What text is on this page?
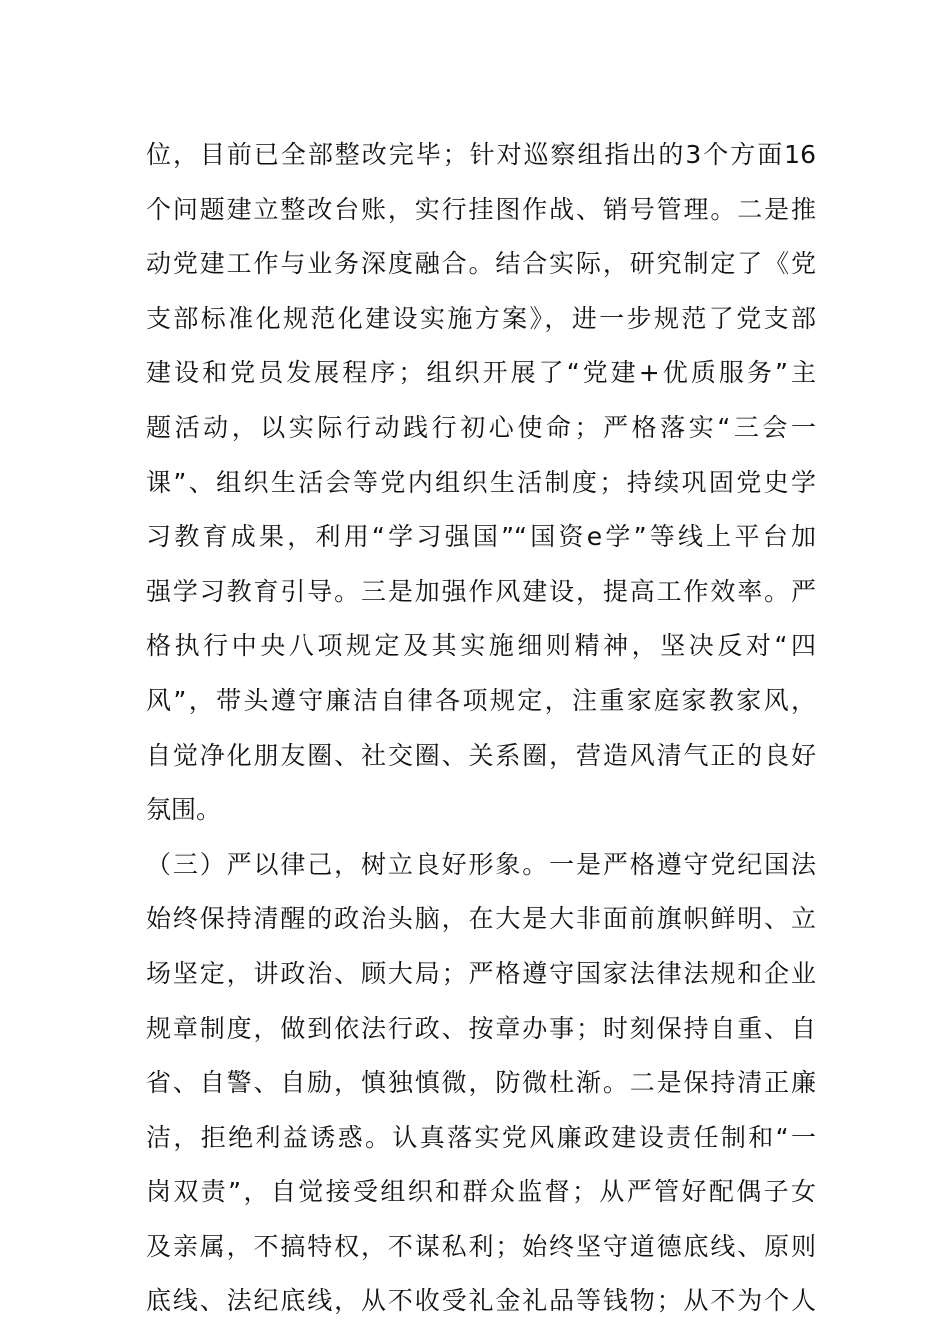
位，目前已全部整改完毕；针对巡察组指出的3个方面16
个问题建立整改台账，实行挂图作战、销号管理。二是推
动党建工作与业务深度融合。结合实际，研究制定了《党
支部标准化规范化建设实施方案》，进一步规范了党支部
建设和党员发展程序；组织开展了“党建+优质服务”主
题活动，以实际行动践行初心使命；严格落实“三会一
课”、组织生活会等党内组织生活制度；持续巩固党史学
习教育成果，利用“学习强国”“国资e学”等线上平台加
强学习教育引导。三是加强作风建设，提高工作效率。严
格执行中央八项规定及其实施细则精神，坚决反对“四
风”，带头遵守廉洁自律各项规定，注重家庭家教家风，
自觉净化朋友圈、社交圈、关系圈，营造风清气正的良好
氛围。
（三）严以律己，树立良好形象。一是严格遵守党纪国法
始终保持清醒的政治头脑，在大是大非面前旗帜鲜明、立
场坚定，讲政治、顾大局；严格遵守国家法律法规和企业
规章制度，做到依法行政、按章办事；时刻保持自重、自
省、自警、自励，慎独慎微，防微杜渐。二是保持清正廉
洁，拒绝利益诱惑。认真落实党风廉政建设责任制和“一
岗双责”，自觉接受组织和群众监督；从严管好配偶子女
及亲属，不搞特权，不谋私利；始终坚守道德底线、原则
底线、法纪底线，从不收受礼金礼品等钱物；从不为个人
